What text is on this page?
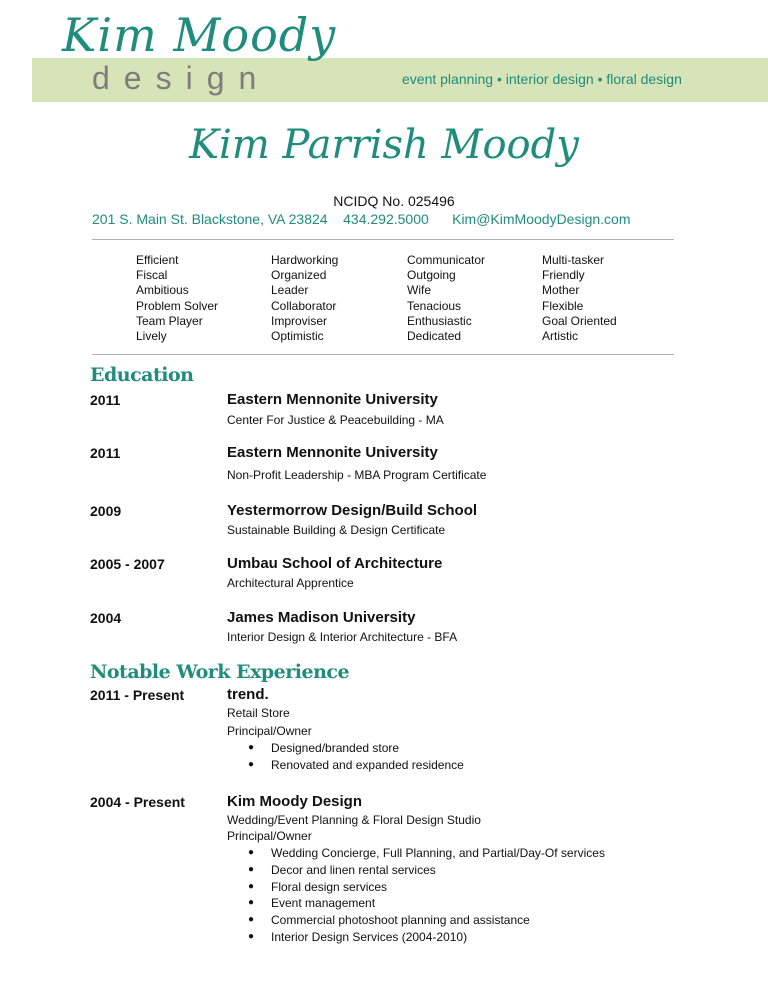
Kim Moody
design	event planning • interior design • floral design
Kim Parrish Moody
NCIDQ No. 025496
201 S. Main St. Blackstone, VA 23824 434.292.5000 Kim@KimMoodyDesign.com
Efficient	Hardworking	Communicator	Multi-tasker
Fiscal	Organized	Outgoing	Friendly
Ambitious	Leader	Wife	Mother
Problem Solver	Collaborator	Tenacious	Flexible
Team Player	Improviser	Enthusiastic	Goal Oriented
Lively	Optimistic	Dedicated	Artistic
Education
2011	Eastern Mennonite University
Center For Justice & Peacebuilding - MA
2011	Eastern Mennonite University
Non-Profit Leadership - MBA Program Certificate
2009	Yestermorrow Design/Build School
Sustainable Building & Design Certificate
2005 - 2007	Umbau School of Architecture
Architectural Apprentice
2004	James Madison University
Interior Design & Interior Architecture - BFA
Notable Work Experience
2011 - Present	trend.
Retail Store
Principal/Owner
●	Designed/branded store
●	Renovated and expanded residence
2004 - Present	Kim Moody Design
Wedding/Event Planning & Floral Design Studio
Principal/Owner
●	Wedding Concierge, Full Planning, and Partial/Day-Of services
●	Decor and linen rental services
●	Floral design services
●	Event management
●	Commercial photoshoot planning and assistance
●	Interior Design Services (2004-2010)
